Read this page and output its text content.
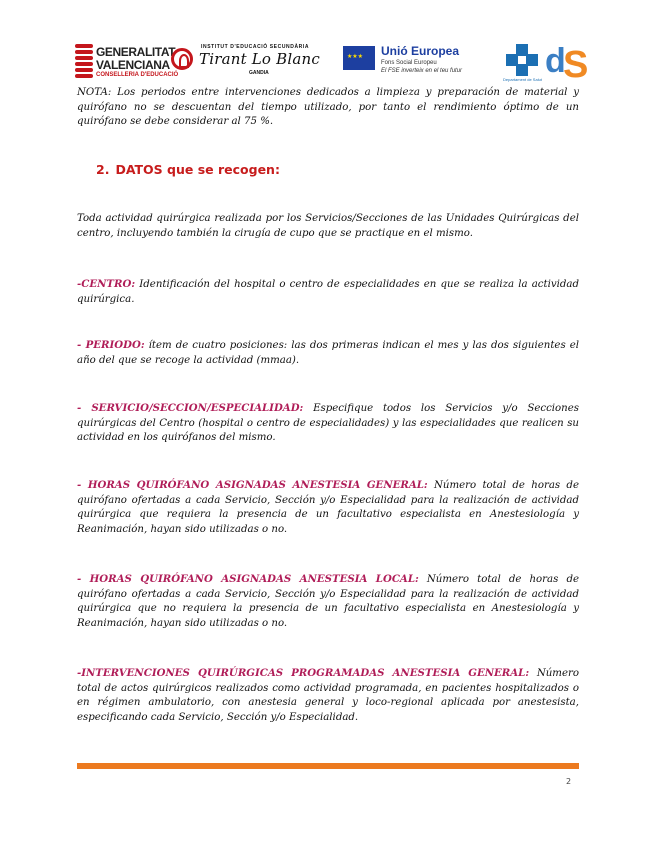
GENERALITAT
VALENCIANA
CONSELLERIA D'EDUCACIÓ
INSTITUT D'EDUCACIÓ SECUNDÀRIA
Tirant Lo Blanc
GANDIA
★ ★ ★
Unió Europea
Fons Social Europeu
El FSE inverteix en el teu futur
Departament de Salut d
S

NOTA: Los periodos entre intervenciones dedicados a limpieza y preparación de material y quirófano no se descuentan del tiempo utilizado, por tanto el rendimiento óptimo de un quirófano se debe considerar al 75 %.

2. DATOS que se recogen:

Toda actividad quirúrgica realizada por los Servicios/Secciones de las Unidades Quirúrgicas del centro, incluyendo también la cirugía de cupo que se practique en el mismo.

-CENTRO: Identificación del hospital o centro de especialidades en que se realiza la actividad quirúrgica.

- PERIODO: ítem de cuatro posiciones: las dos primeras indican el mes y las dos siguientes el año del que se recoge la actividad (mmaa).

- SERVICIO/SECCION/ESPECIALIDAD: Especifique todos los Servicios y/o Secciones quirúrgicas del Centro (hospital o centro de especialidades) y las especialidades que realicen su actividad en los quirófanos del mismo.

- HORAS QUIRÓFANO ASIGNADAS ANESTESIA GENERAL: Número total de horas de quirófano ofertadas a cada Servicio, Sección y/o Especialidad para la realización de actividad quirúrgica que requiera la presencia de un facultativo especialista en Anestesiología y Reanimación, hayan sido utilizadas o no.

- HORAS QUIRÓFANO ASIGNADAS ANESTESIA LOCAL: Número total de horas de quirófano ofertadas a cada Servicio, Sección y/o Especialidad para la realización de actividad quirúrgica que no requiera la presencia de un facultativo especialista en Anestesiología y Reanimación, hayan sido utilizadas o no.

-INTERVENCIONES QUIRÚRGICAS PROGRAMADAS ANESTESIA GENERAL: Número total de actos quirúrgicos realizados como actividad programada, en pacientes hospitalizados o en régimen ambulatorio, con anestesia general y loco-regional aplicada por anestesista, especificando cada Servicio, Sección y/o Especialidad.

2
